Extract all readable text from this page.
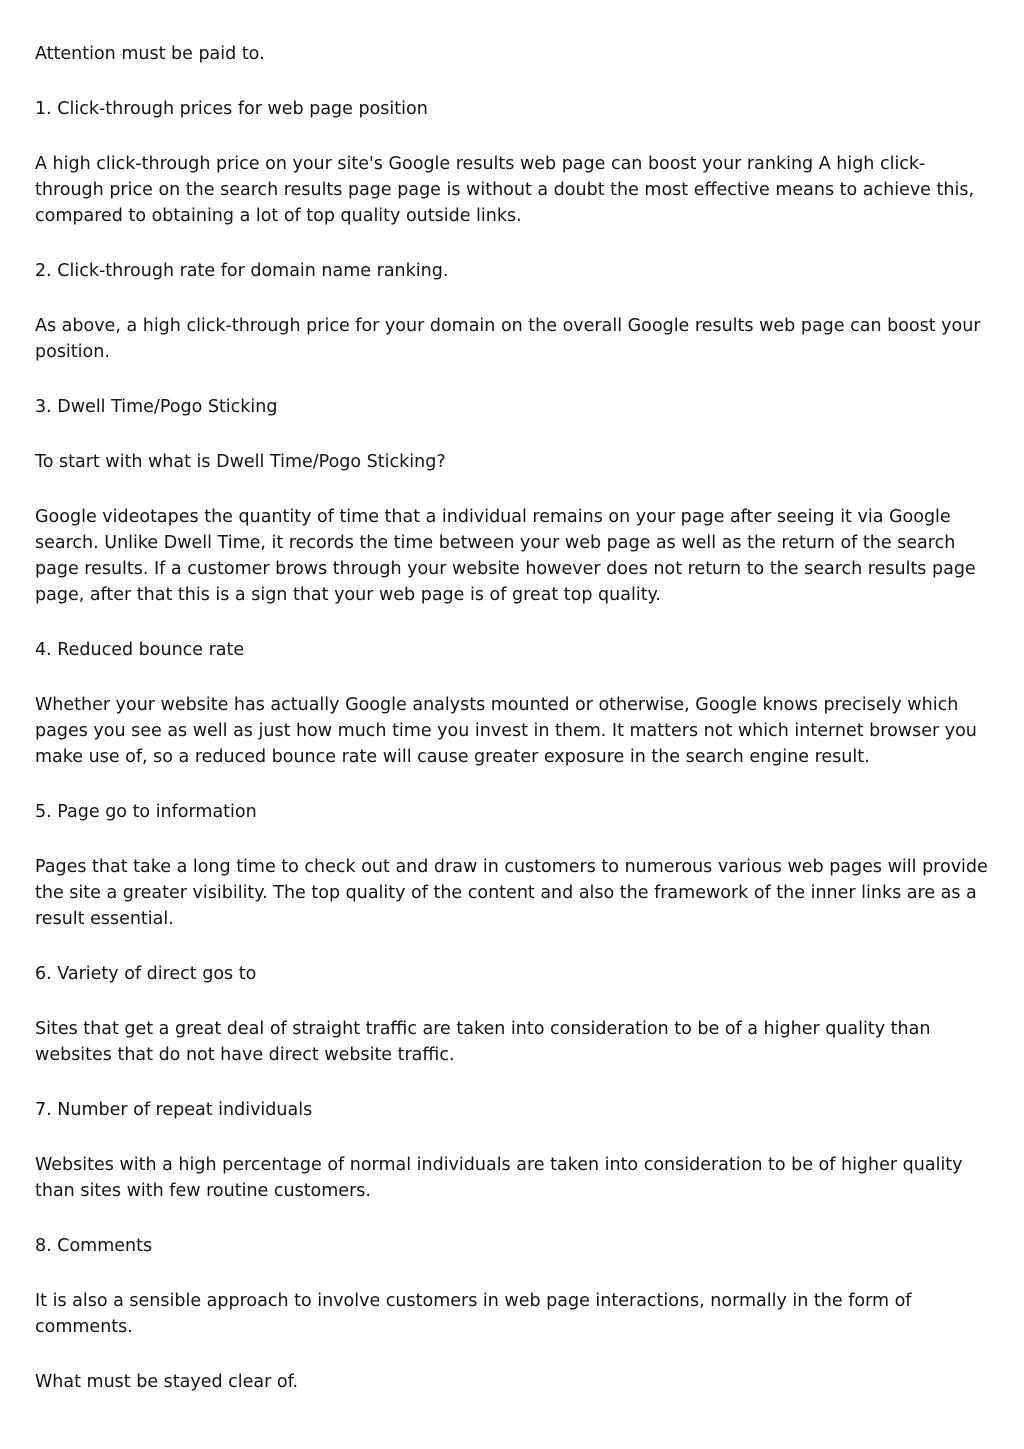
Attention must be paid to.

1. Click-through prices for web page position

A high click-through price on your site's Google results web page can boost your ranking A high click-through price on the search results page page is without a doubt the most effective means to achieve this, compared to obtaining a lot of top quality outside links.

2. Click-through rate for domain name ranking.

As above, a high click-through price for your domain on the overall Google results web page can boost your position.

3. Dwell Time/Pogo Sticking

To start with what is Dwell Time/Pogo Sticking?

Google videotapes the quantity of time that a individual remains on your page after seeing it via Google search. Unlike Dwell Time, it records the time between your web page as well as the return of the search page results. If a customer brows through your website however does not return to the search results page page, after that this is a sign that your web page is of great top quality.

4. Reduced bounce rate

Whether your website has actually Google analysts mounted or otherwise, Google knows precisely which pages you see as well as just how much time you invest in them. It matters not which internet browser you make use of, so a reduced bounce rate will cause greater exposure in the search engine result.

5. Page go to information

Pages that take a long time to check out and draw in customers to numerous various web pages will provide the site a greater visibility. The top quality of the content and also the framework of the inner links are as a result essential.

6. Variety of direct gos to

Sites that get a great deal of straight traffic are taken into consideration to be of a higher quality than websites that do not have direct website traffic.

7. Number of repeat individuals

Websites with a high percentage of normal individuals are taken into consideration to be of higher quality than sites with few routine customers.

8. Comments

It is also a sensible approach to involve customers in web page interactions, normally in the form of comments.

What must be stayed clear of.
